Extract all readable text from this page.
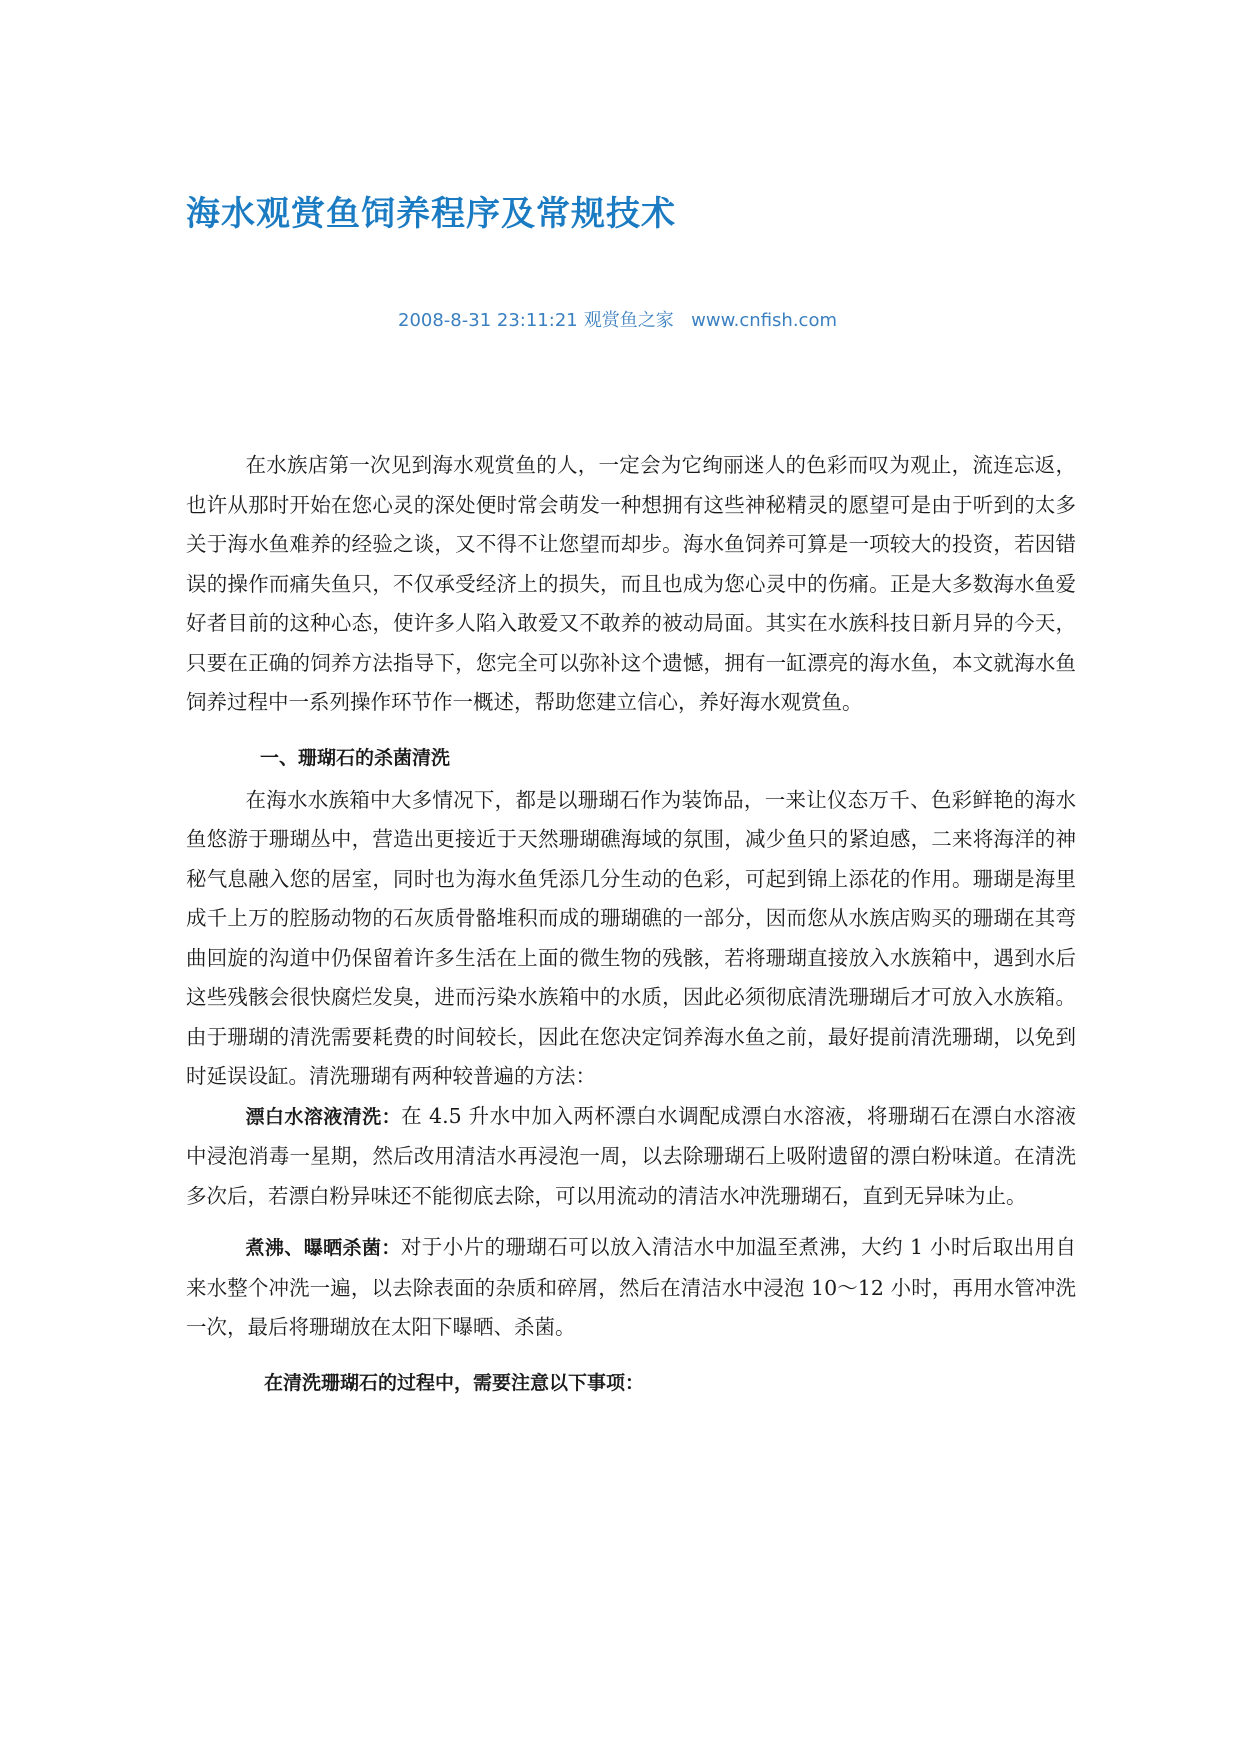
海水观赏鱼饲养程序及常规技术
2008-8-31 23:11:21 观赏鱼之家 www.cnfish.com

在水族店第一次见到海水观赏鱼的人，一定会为它绚丽迷人的色彩而叹为观止，流连忘返，也许从那时开始在您心灵的深处便时常会萌发一种想拥有这些神秘精灵的愿望可是由于听到的太多关于海水鱼难养的经验之谈，又不得不让您望而却步。海水鱼饲养可算是一项较大的投资，若因错误的操作而痛失鱼只，不仅承受经济上的损失，而且也成为您心灵中的伤痛。正是大多数海水鱼爱好者目前的这种心态，使许多人陷入敢爱又不敢养的被动局面。其实在水族科技日新月异的今天，只要在正确的饲养方法指导下，您完全可以弥补这个遗憾，拥有一缸漂亮的海水鱼，本文就海水鱼饲养过程中一系列操作环节作一概述，帮助您建立信心，养好海水观赏鱼。

一、珊瑚石的杀菌清洗

在海水水族箱中大多情况下，都是以珊瑚石作为装饰品，一来让仪态万千、色彩鲜艳的海水鱼悠游于珊瑚丛中，营造出更接近于天然珊瑚礁海域的氛围，减少鱼只的紧迫感，二来将海洋的神秘气息融入您的居室，同时也为海水鱼凭添几分生动的色彩，可起到锦上添花的作用。珊瑚是海里成千上万的腔肠动物的石灰质骨骼堆积而成的珊瑚礁的一部分，因而您从水族店购买的珊瑚在其弯曲回旋的沟道中仍保留着许多生活在上面的微生物的残骸，若将珊瑚直接放入水族箱中，遇到水后这些残骸会很快腐烂发臭，进而污染水族箱中的水质，因此必须彻底清洗珊瑚后才可放入水族箱。由于珊瑚的清洗需要耗费的时间较长，因此在您决定饲养海水鱼之前，最好提前清洗珊瑚，以免到时延误设缸。清洗珊瑚有两种较普遍的方法：

漂白水溶液清洗：在 4.5 升水中加入两杯漂白水调配成漂白水溶液，将珊瑚石在漂白水溶液中浸泡消毒一星期，然后改用清洁水再浸泡一周，以去除珊瑚石上吸附遗留的漂白粉味道。在清洗多次后，若漂白粉异味还不能彻底去除，可以用流动的清洁水冲洗珊瑚石，直到无异味为止。

煮沸、曝晒杀菌：对于小片的珊瑚石可以放入清洁水中加温至煮沸，大约 1 小时后取出用自来水整个冲洗一遍，以去除表面的杂质和碎屑，然后在清洁水中浸泡 10～12 小时，再用水管冲洗一次，最后将珊瑚放在太阳下曝晒、杀菌。

在清洗珊瑚石的过程中，需要注意以下事项：
